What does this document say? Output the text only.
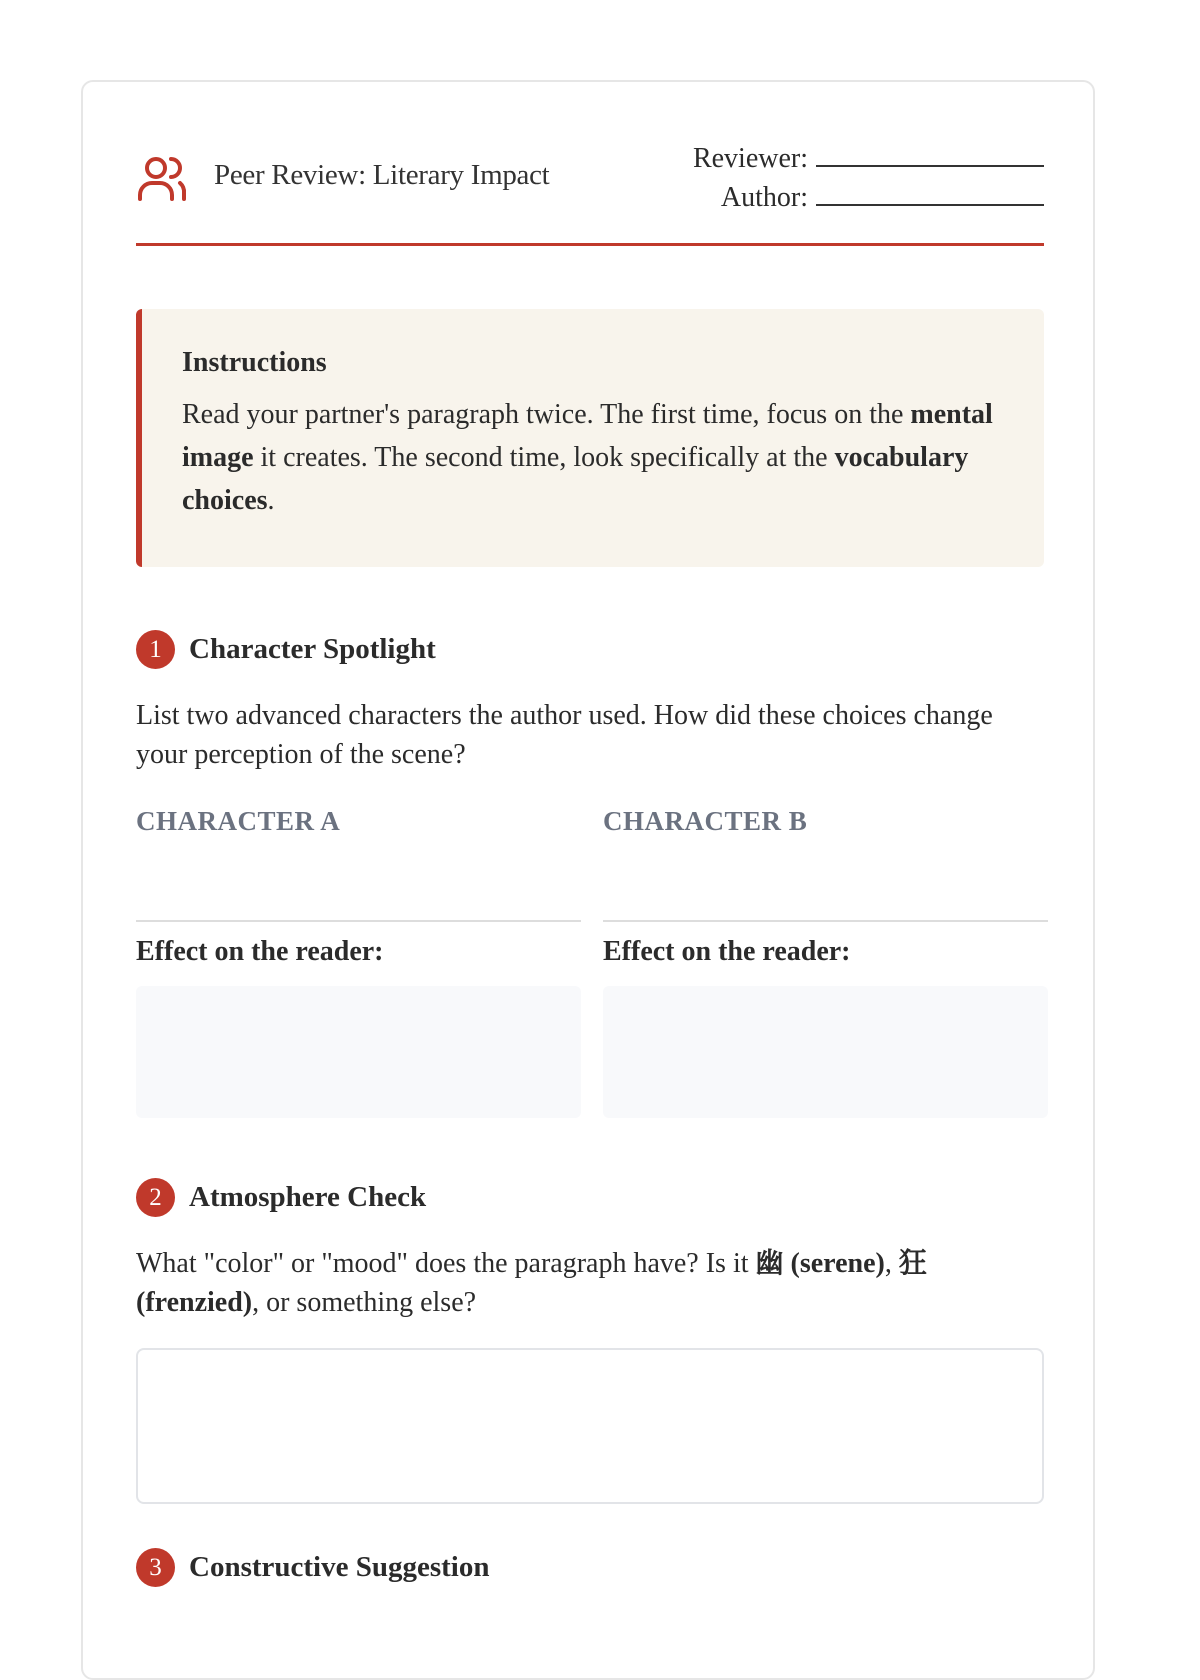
Peer Review: Literary Impact
Reviewer:
Author:
Instructions

Read your partner's paragraph twice. The first time, focus on the mental image it creates. The second time, look specifically at the vocabulary choices.

1 Character Spotlight
List two advanced characters the author used. How did these choices change your perception of the scene?
CHARACTER A	CHARACTER B
Effect on the reader:	Effect on the reader:
2 Atmosphere Check
What "color" or "mood" does the paragraph have? Is it 幽 (serene), 狂 (frenzied), or something else?
3 Constructive Suggestion
